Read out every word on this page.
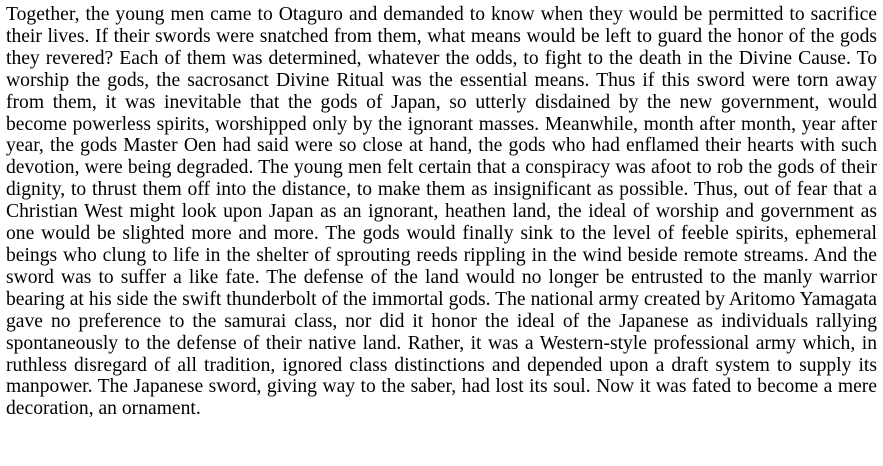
Together, the young men came to Otaguro and demanded to know when they would be permitted to sacrifice their lives. If their swords were snatched from them, what means would be left to guard the honor of the gods they revered? Each of them was determined, whatever the odds, to fight to the death in the Divine Cause. To worship the gods, the sacrosanct Divine Ritual was the essential means. Thus if this sword were torn away from them, it was inevitable that the gods of Japan, so utterly disdained by the new government, would become powerless spirits, worshipped only by the ignorant masses. Meanwhile, month after month, year after year, the gods Master Oen had said were so close at hand, the gods who had enflamed their hearts with such devotion, were being degraded. The young men felt certain that a conspiracy was afoot to rob the gods of their dignity, to thrust them off into the distance, to make them as insignificant as possible. Thus, out of fear that a Christian West might look upon Japan as an ignorant, heathen land, the ideal of worship and government as one would be slighted more and more. The gods would finally sink to the level of feeble spirits, ephemeral beings who clung to life in the shelter of sprouting reeds rippling in the wind beside remote streams. And the sword was to suffer a like fate. The defense of the land would no longer be entrusted to the manly warrior bearing at his side the swift thunderbolt of the immortal gods. The national army created by Aritomo Yamagata gave no preference to the samurai class, nor did it honor the ideal of the Japanese as individuals rallying spontaneously to the defense of their native land. Rather, it was a Western-style professional army which, in ruthless disregard of all tradition, ignored class distinctions and depended upon a draft system to supply its manpower. The Japanese sword, giving way to the saber, had lost its soul. Now it was fated to become a mere decoration, an ornament.
